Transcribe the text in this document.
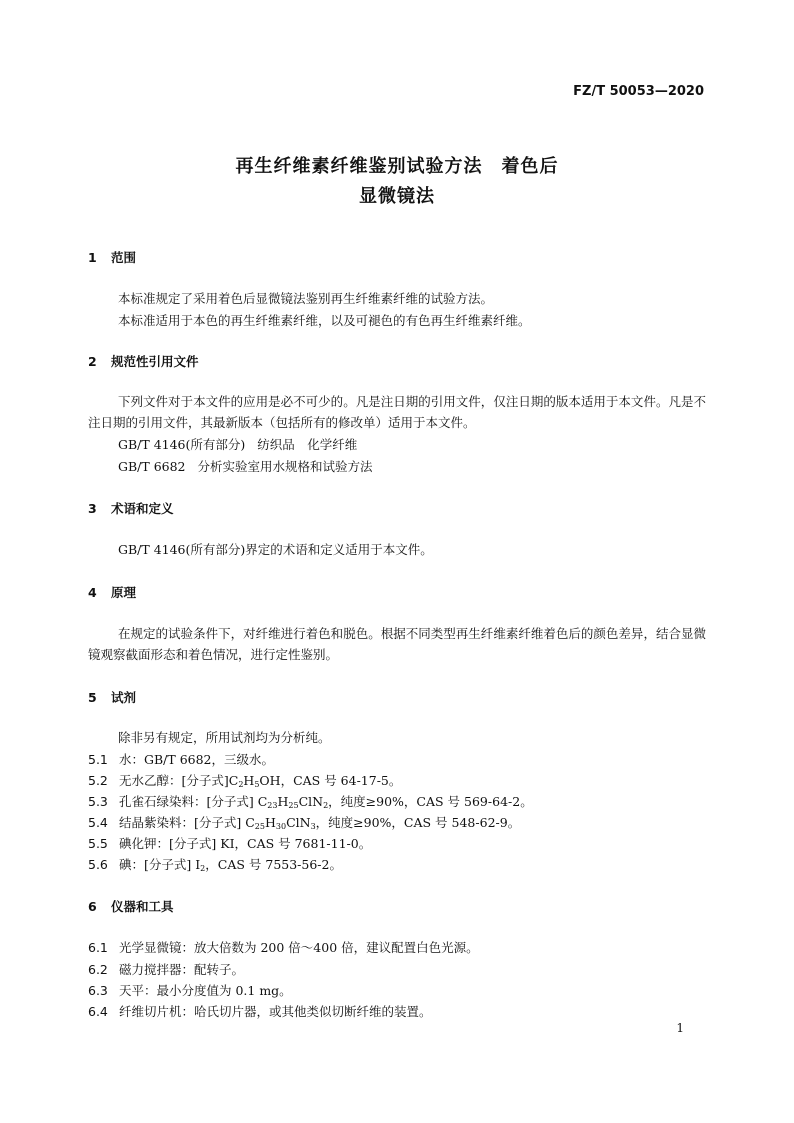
FZ/T 50053—2020
再生纤维素纤维鉴别试验方法　着色后
显微镜法
1 范围
本标准规定了采用着色后显微镜法鉴别再生纤维素纤维的试验方法。
本标准适用于本色的再生纤维素纤维，以及可褪色的有色再生纤维素纤维。
2 规范性引用文件
下列文件对于本文件的应用是必不可少的。凡是注日期的引用文件，仅注日期的版本适用于本文件。凡是不注日期的引用文件，其最新版本（包括所有的修改单）适用于本文件。
GB/T 4146(所有部分) 纺织品　化学纤维
GB/T 6682 分析实验室用水规格和试验方法
3 术语和定义
GB/T 4146(所有部分)界定的术语和定义适用于本文件。
4 原理
在规定的试验条件下，对纤维进行着色和脱色。根据不同类型再生纤维素纤维着色后的颜色差异，结合显微镜观察截面形态和着色情况，进行定性鉴别。
5 试剂
除非另有规定，所用试剂均为分析纯。
5.1 水：GB/T 6682，三级水。
5.2 无水乙醇：[分子式]$C_2H_5OH$，CAS 号 64-17-5。
5.3 孔雀石绿染料：[分子式] $C_{23}H_{25}ClN_2$，纯度≥90%，CAS 号 569-64-2。
5.4 结晶紫染料：[分子式] $C_{25}H_{30}ClN_3$，纯度≥90%，CAS 号 548-62-9。
5.5 碘化钾：[分子式] KI，CAS 号 7681-11-0。
5.6 碘：[分子式] $I_2$，CAS 号 7553-56-2。
6 仪器和工具
6.1 光学显微镜：放大倍数为 200 倍～400 倍，建议配置白色光源。
6.2 磁力搅拌器：配转子。
6.3 天平：最小分度值为 0.1 mg。
6.4 纤维切片机：哈氏切片器，或其他类似切断纤维的装置。
1
